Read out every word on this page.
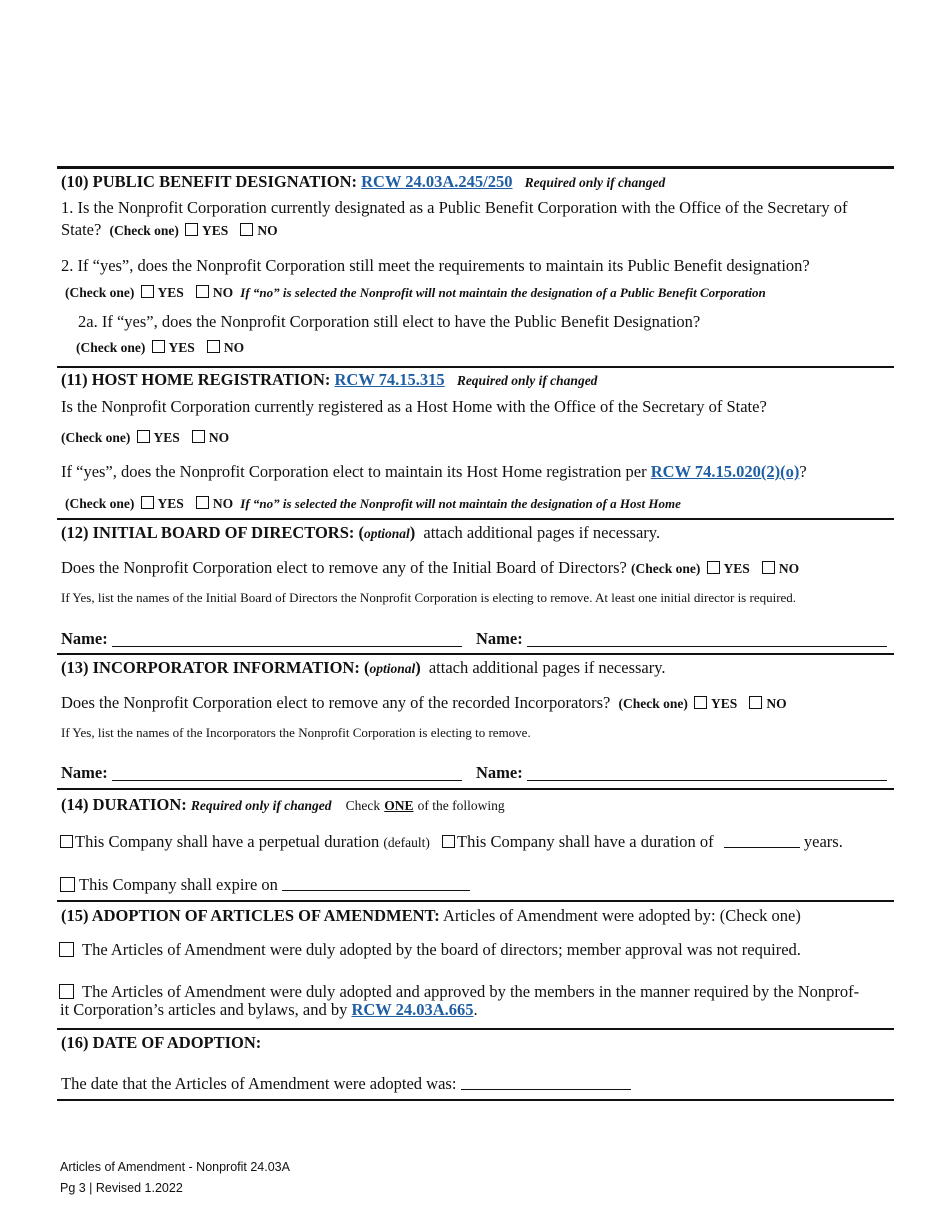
(10) PUBLIC BENEFIT DESIGNATION: RCW 24.03A.245/250 Required only if changed
1. Is the Nonprofit Corporation currently designated as a Public Benefit Corporation with the Office of the Secretary of
State? (Check one) YES NO
2. If “yes”, does the Nonprofit Corporation still meet the requirements to maintain its Public Benefit designation?
(Check one) YES NO If “no” is selected the Nonprofit will not maintain the designation of a Public Benefit Corporation
2a. If “yes”, does the Nonprofit Corporation still elect to have the Public Benefit Designation?
(Check one) YES NO
(11) HOST HOME REGISTRATION: RCW 74.15.315 Required only if changed
Is the Nonprofit Corporation currently registered as a Host Home with the Office of the Secretary of State?
(Check one) YES NO
If “yes”, does the Nonprofit Corporation elect to maintain its Host Home registration per RCW 74.15.020(2)(o)?
(Check one) YES NO If “no” is selected the Nonprofit will not maintain the designation of a Host Home
(12) INITIAL BOARD OF DIRECTORS: (optional) attach additional pages if necessary.
Does the Nonprofit Corporation elect to remove any of the Initial Board of Directors? (Check one) YES NO
If Yes, list the names of the Initial Board of Directors the Nonprofit Corporation is electing to remove. At least one initial director is required.
Name:	Name:
(13) INCORPORATOR INFORMATION: (optional) attach additional pages if necessary.
Does the Nonprofit Corporation elect to remove any of the recorded Incorporators? (Check one) YES NO
If Yes, list the names of the Incorporators the Nonprofit Corporation is electing to remove.
Name:	Name:
(14) DURATION: Required only if changed Check ONE of the following
This Company shall have a perpetual duration (default) This Company shall have a duration of	years.
This Company shall expire on
(15) ADOPTION OF ARTICLES OF AMENDMENT: Articles of Amendment were adopted by: (Check one)
The Articles of Amendment were duly adopted by the board of directors; member approval was not required.
The Articles of Amendment were duly adopted and approved by the members in the manner required by the Nonprof-
it Corporation’s articles and bylaws, and by RCW 24.03A.665.
(16) DATE OF ADOPTION:
The date that the Articles of Amendment were adopted was:
Articles of Amendment - Nonprofit 24.03A
Pg 3 | Revised 1.2022
